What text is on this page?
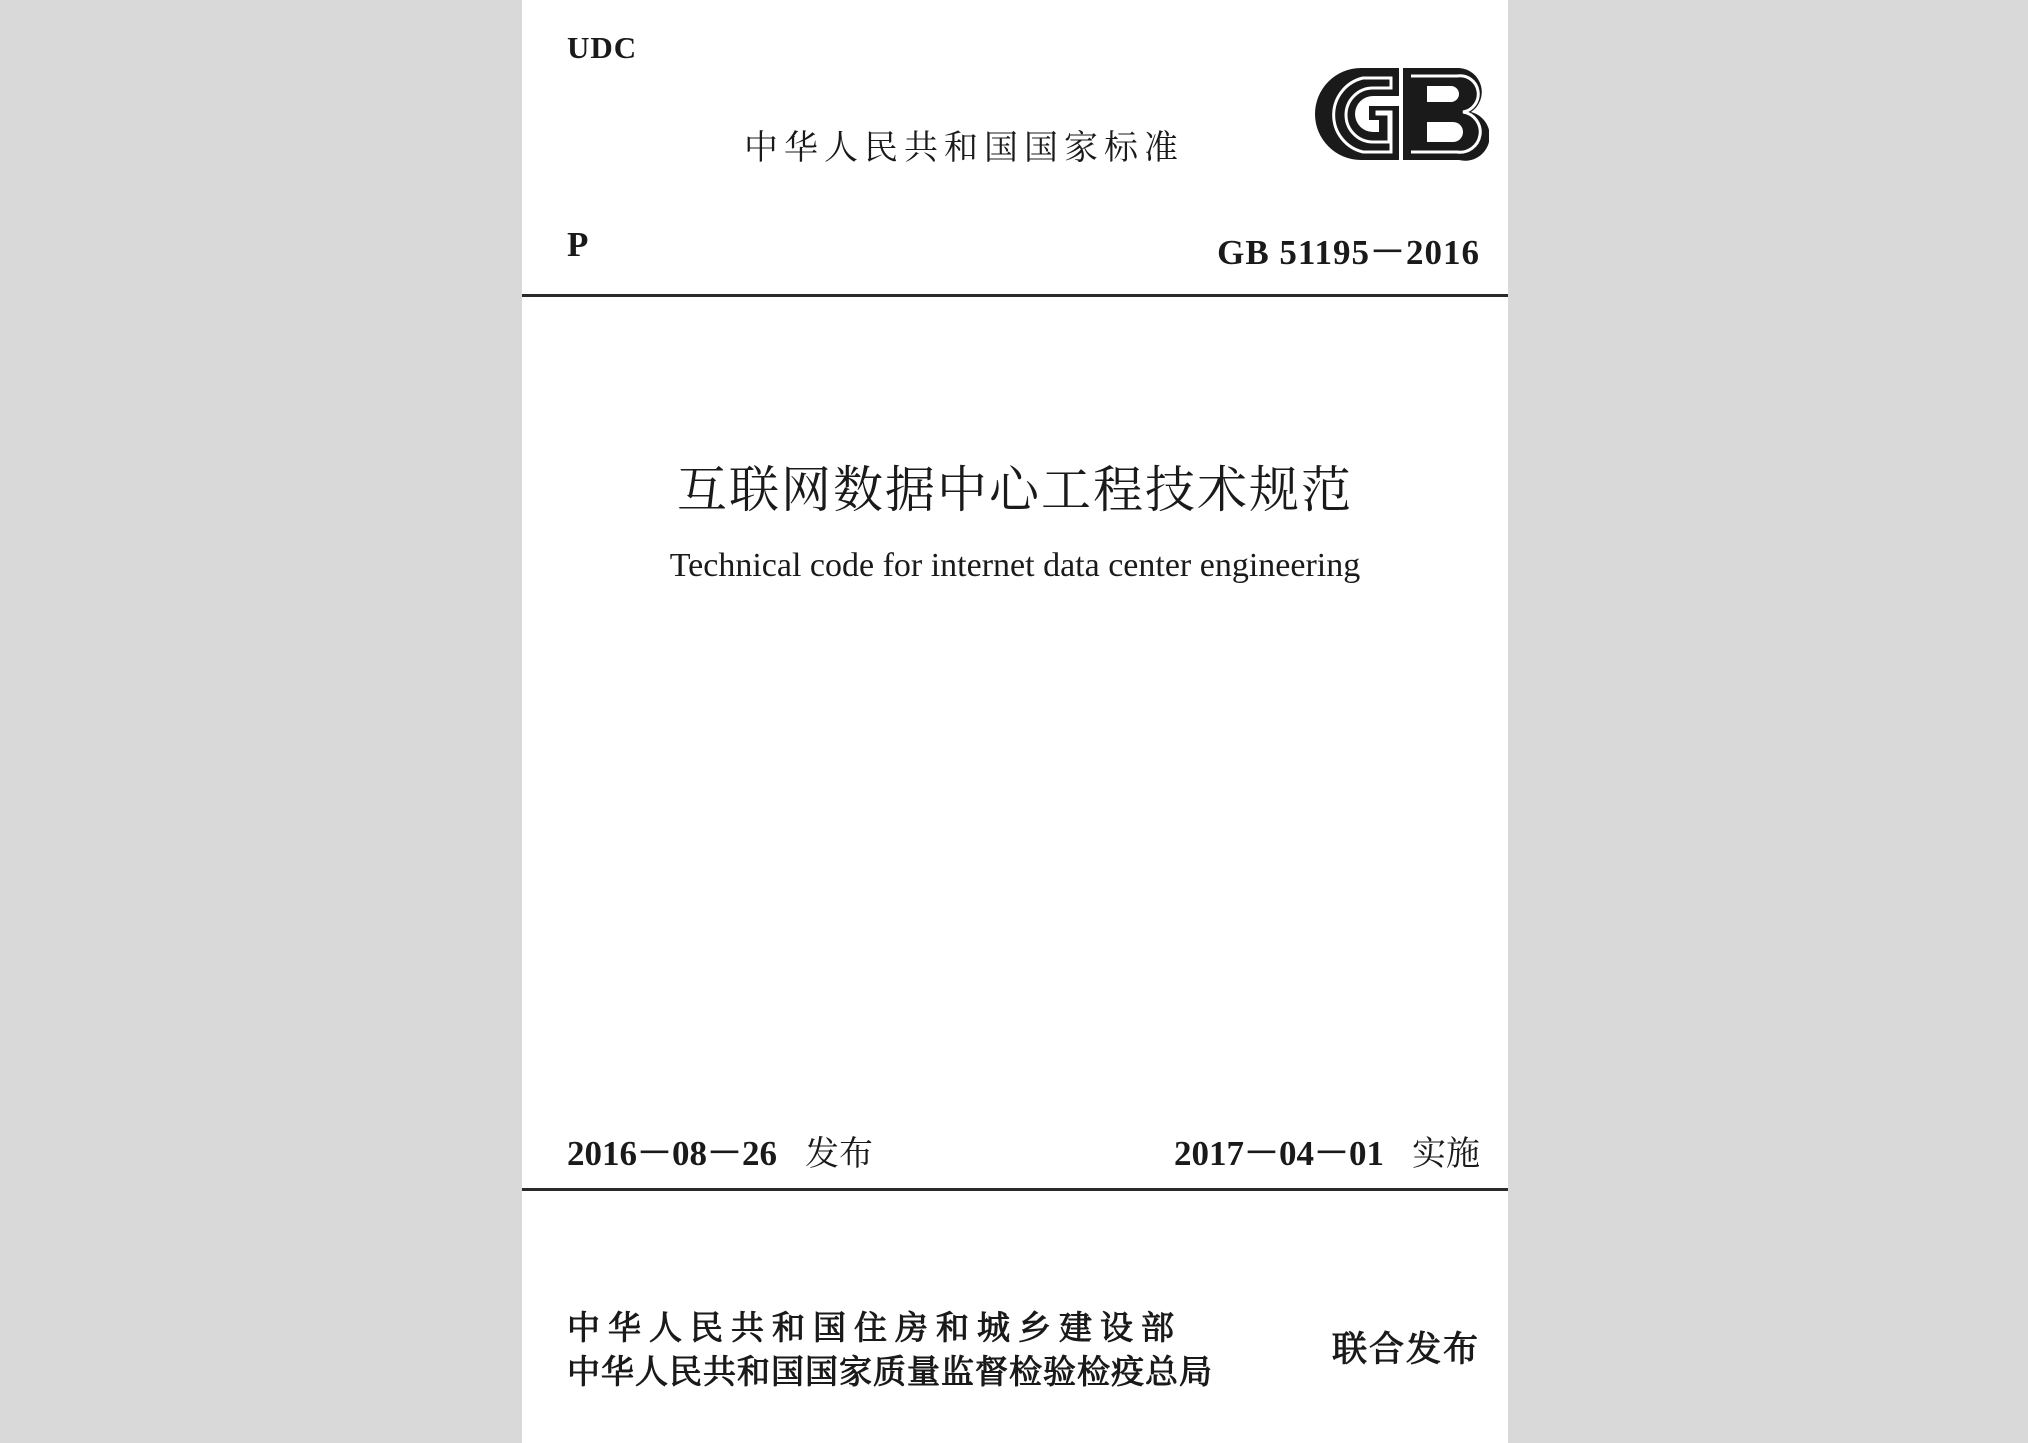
UDC
中华人民共和国国家标准
P	GB 51195－2016
互联网数据中心工程技术规范
Technical code for internet data center engineering
2016－08－26 发布	2017－04－01 实施
中华人民共和国住房和城乡建设部
中华人民共和国国家质量监督检验检疫总局
联合发布
